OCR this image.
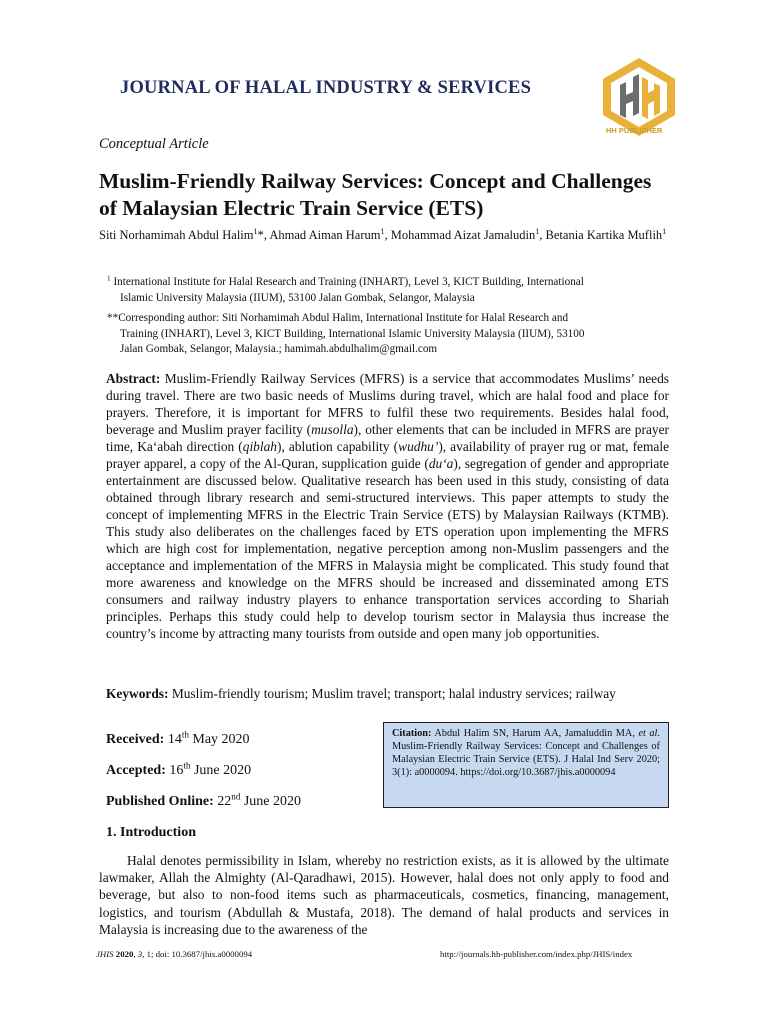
JOURNAL OF HALAL INDUSTRY & SERVICES
HH PUBLISHER
Conceptual Article
Muslim-Friendly Railway Services: Concept and Challenges of Malaysian Electric Train Service (ETS)
Siti Norhamimah Abdul Halim$^1$*, Ahmad Aiman Harum$^1$, Mohammad Aizat Jamaludin$^1$, Betania Kartika Muflih$^1$
$^1$ International Institute for Halal Research and Training (INHART), Level 3, KICT Building, International
Islamic University Malaysia (IIUM), 53100 Jalan Gombak, Selangor, Malaysia
**Corresponding author: Siti Norhamimah Abdul Halim, International Institute for Halal Research and
Training (INHART), Level 3, KICT Building, International Islamic University Malaysia (IIUM), 53100
Jalan Gombak, Selangor, Malaysia.; hamimah.abdulhalim@gmail.com
Abstract: Muslim-Friendly Railway Services (MFRS) is a service that accommodates Muslims’ needs during travel. There are two basic needs of Muslims during travel, which are halal food and place for prayers. Therefore, it is important for MFRS to fulfil these two requirements. Besides halal food, beverage and Muslim prayer facility (musolla), other elements that can be included in MFRS are prayer time, Ka‘abah direction (qiblah), ablution capability (wudhu’), availability of prayer rug or mat, female prayer apparel, a copy of the Al-Quran, supplication guide (du‘a), segregation of gender and appropriate entertainment are discussed below. Qualitative research has been used in this study, consisting of data obtained through library research and semi-structured interviews. This paper attempts to study the concept of implementing MFRS in the Electric Train Service (ETS) by Malaysian Railways (KTMB). This study also deliberates on the challenges faced by ETS operation upon implementing the MFRS which are high cost for implementation, negative perception among non-Muslim passengers and the acceptance and implementation of the MFRS in Malaysia might be complicated. This study found that more awareness and knowledge on the MFRS should be increased and disseminated among ETS consumers and railway industry players to enhance transportation services according to Shariah principles. Perhaps this study could help to develop tourism sector in Malaysia thus increase the country’s income by attracting many tourists from outside and open many job opportunities.
Keywords: Muslim-friendly tourism; Muslim travel; transport; halal industry services; railway
Received: 14th May 2020
Accepted: 16th June 2020
Published Online: 22nd June 2020
Citation: Abdul Halim SN, Harum AA, Jamaluddin MA, et al. Muslim-Friendly Railway Services: Concept and Challenges of Malaysian Electric Train Service (ETS). J Halal Ind Serv 2020; 3(1): a0000094. https://doi.org/10.3687/jhis.a0000094
1. Introduction
Halal denotes permissibility in Islam, whereby no restriction exists, as it is allowed by the ultimate lawmaker, Allah the Almighty (Al-Qaradhawi, 2015). However, halal does not only apply to food and beverage, but also to non-food items such as pharmaceuticals, cosmetics, financing, management, logistics, and tourism (Abdullah & Mustafa, 2018). The demand of halal products and services in Malaysia is increasing due to the awareness of the
JHIS 2020, 3, 1; doi: 10.3687/jhis.a0000094	http://journals.hh-publisher.com/index.php/JHIS/index
